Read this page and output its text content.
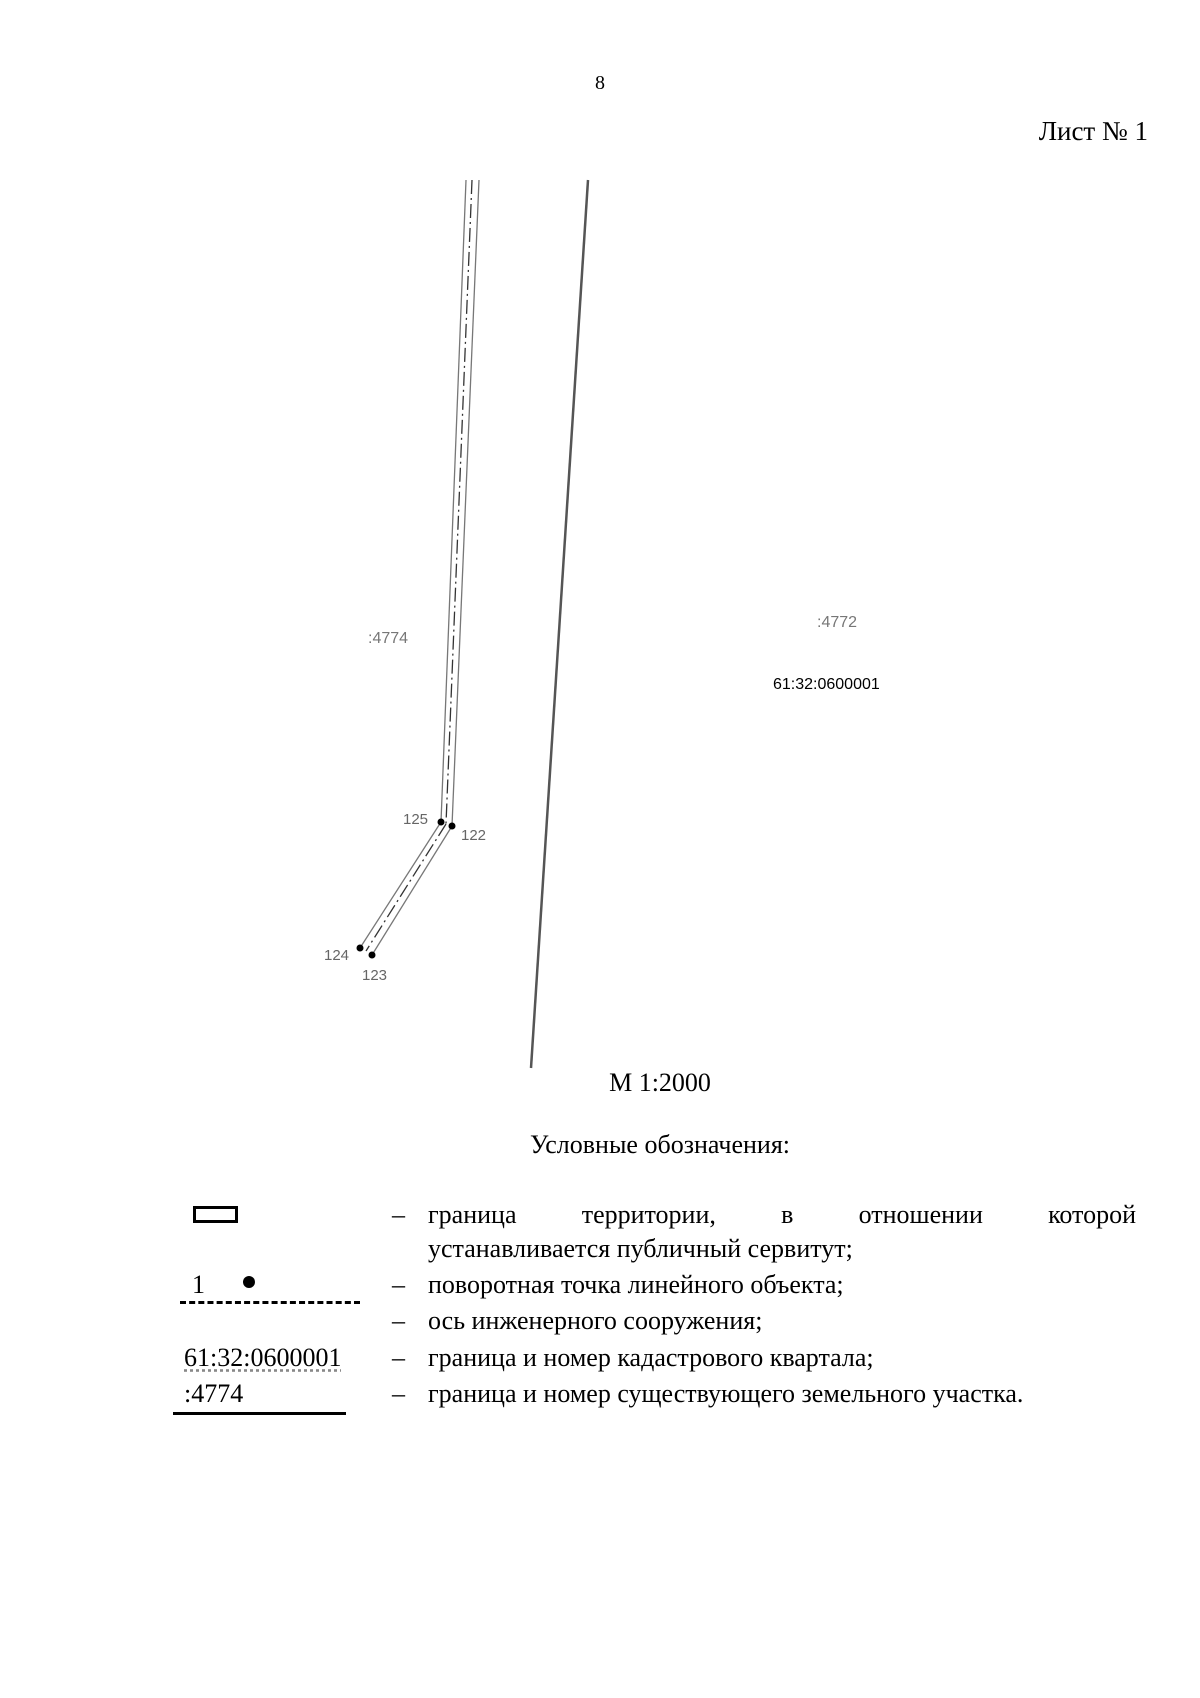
8
Лист № 1
125
122
124
123
:4774
:4772
61:32:0600001
М 1:2000
Условные обозначения:
– граница территории, в отношении которой
устанавливается публичный сервитут;
1	– поворотная точка линейного объекта;
– ось инженерного сооружения;
61:32:0600001 – граница и номер кадастрового квартала;
:4774	– граница и номер существующего земельного участка.
